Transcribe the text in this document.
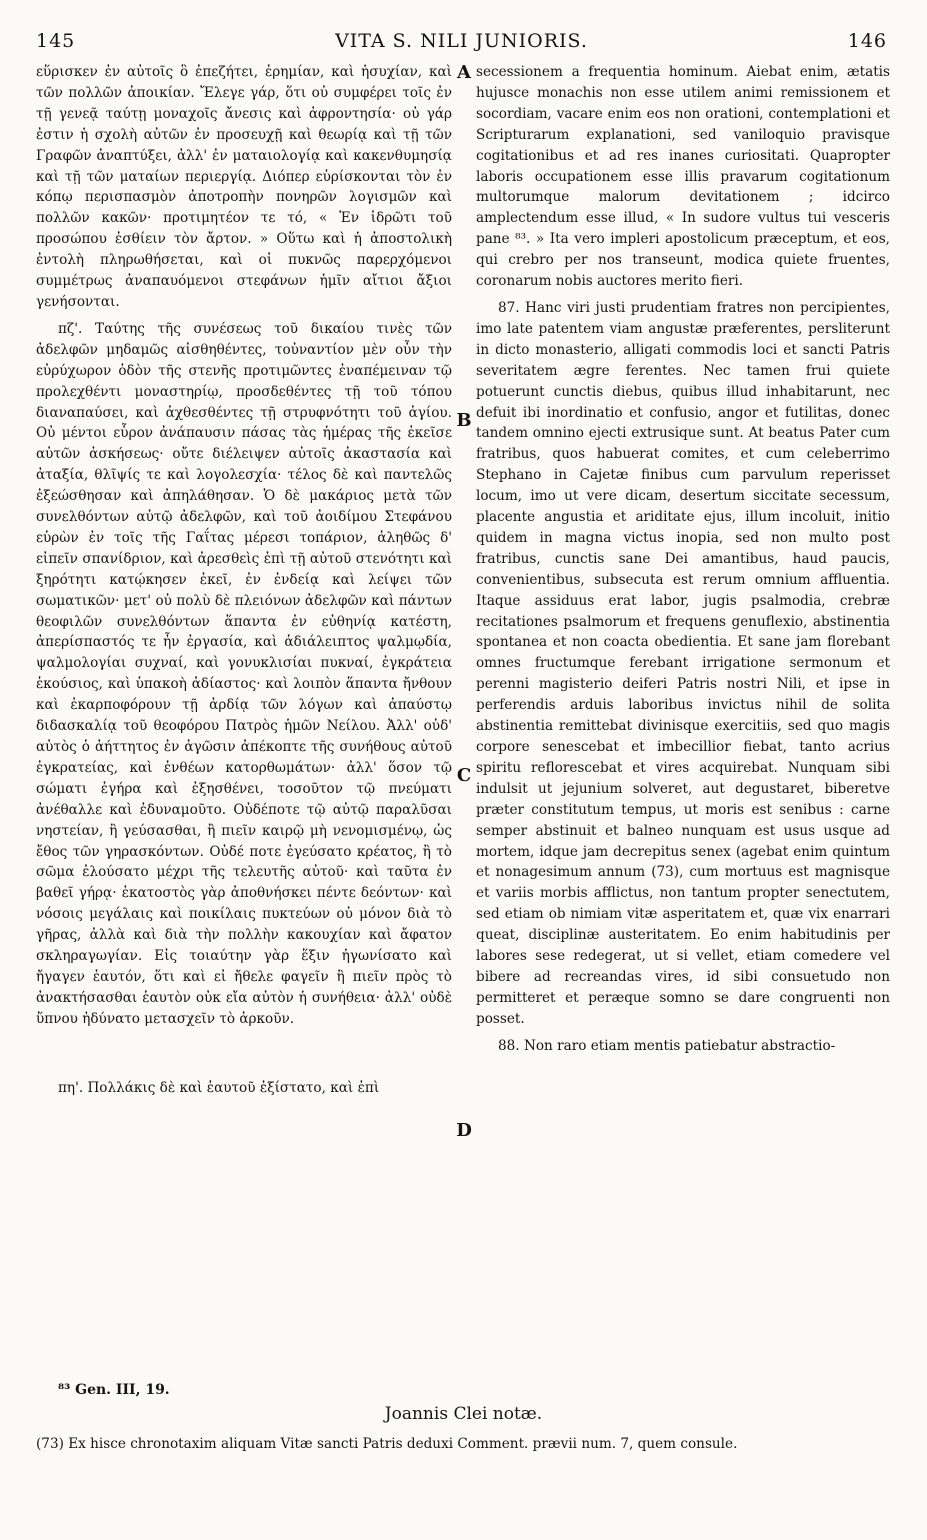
145	VITA S. NILI JUNIORIS.	146

εὕρισκεν ἐν αὐτοῖς ὃ ἐπεζήτει, ἐρημίαν, καὶ ἡσυχίαν, καὶ τῶν πολλῶν ἀποικίαν. Ἔλεγε γάρ, ὅτι οὐ συμφέρει τοῖς ἐν τῇ γενεᾷ ταύτῃ μοναχοῖς ἄνεσις καὶ ἀφροντησία· οὐ γάρ ἐστιν ἡ σχολὴ αὐτῶν ἐν προσευχῇ καὶ θεωρίᾳ καὶ τῇ τῶν Γραφῶν ἀναπτύξει, ἀλλ' ἐν ματαιολογίᾳ καὶ κακενθυμησίᾳ καὶ τῇ τῶν ματαίων περιεργίᾳ. Διόπερ εὑρίσκονται τὸν ἐν κόπῳ περισπασμὸν ἀποτροπὴν πονηρῶν λογισμῶν καὶ πολλῶν κακῶν· προτιμητέον τε τό, « Ἐν ἱδρῶτι τοῦ προσώπου ἐσθίειν τὸν ἄρτον. » Οὕτω καὶ ἡ ἀποστολικὴ ἐντολὴ πληρωθήσεται, καὶ οἱ πυκνῶς παρερχόμενοι συμμέτρως ἀναπαυόμενοι στεφάνων ἡμῖν αἴτιοι ἄξιοι γενήσονται.

πζ'. Ταύτης τῆς συνέσεως τοῦ δικαίου τινὲς τῶν ἀδελφῶν μηδαμῶς αἰσθηθέντες, τοὐναντίον μὲν οὖν τὴν εὐρύχωρον ὁδὸν τῆς στενῆς προτιμῶντες ἐναπέμειναν τῷ προλεχθέντι μοναστηρίῳ, προσδεθέντες τῇ τοῦ τόπου διαναπαύσει, καὶ ἀχθεσθέντες τῇ στρυφνότητι τοῦ ἁγίου. Οὐ μέντοι εὗρον ἀνάπαυσιν πάσας τὰς ἡμέρας τῆς ἐκεῖσε αὐτῶν ἀσκήσεως· οὔτε διέλειψεν αὐτοῖς ἀκαστασία καὶ ἀταξία, θλῖψίς τε καὶ λογολεσχία· τέλος δὲ καὶ παντελῶς ἐξεώσθησαν καὶ ἀπηλάθησαν. Ὁ δὲ μακάριος μετὰ τῶν συνελθόντων αὐτῷ ἀδελφῶν, καὶ τοῦ ἀοιδίμου Στεφάνου εὑρὼν ἐν τοῖς τῆς Γαΐτας μέρεσι τοπάριον, ἀληθῶς δ' εἰπεῖν σπανίδριον, καὶ ἀρεσθεὶς ἐπὶ τῇ αὐτοῦ στενότητι καὶ ξηρότητι κατῴκησεν ἐκεῖ, ἐν ἐνδείᾳ καὶ λείψει τῶν σωματικῶν· μετ' οὐ πολὺ δὲ πλειόνων ἀδελφῶν καὶ πάντων θεοφιλῶν συνελθόντων ἅπαντα ἐν εὐθηνίᾳ κατέστη, ἀπερίσπαστός τε ἦν ἐργασία, καὶ ἀδιάλειπτος ψαλμῳδία, ψαλμολογίαι συχναί, καὶ γονυκλισίαι πυκναί, ἐγκράτεια ἑκούσιος, καὶ ὑπακοὴ ἀδίαστος· καὶ λοιπὸν ἅπαντα ἤνθουν καὶ ἐκαρποφόρουν τῇ ἀρδίᾳ τῶν λόγων καὶ ἀπαύστῳ διδασκαλίᾳ τοῦ θεοφόρου Πατρὸς ἡμῶν Νείλου. Ἀλλ' οὐδ' αὐτὸς ὁ ἀήττητος ἐν ἀγῶσιν ἀπέκοπτε τῆς συνήθους αὐτοῦ ἐγκρατείας, καὶ ἐνθέων κατορθωμάτων· ἀλλ' ὅσον τῷ σώματι ἐγήρα καὶ ἐξησθένει, τοσοῦτον τῷ πνεύματι ἀνέθαλλε καὶ ἐδυναμοῦτο. Οὐδέποτε τῷ αὐτῷ παραλῦσαι νηστείαν, ἢ γεύσασθαι, ἢ πιεῖν καιρῷ μὴ νενομισμένῳ, ὡς ἔθος τῶν γηρασκόντων. Οὐδέ ποτε ἐγεύσατο κρέατος, ἢ τὸ σῶμα ἐλούσατο μέχρι τῆς τελευτῆς αὐτοῦ· καὶ ταῦτα ἐν βαθεῖ γήρᾳ· ἑκατοστὸς γὰρ ἀποθνήσκει πέντε δεόντων· καὶ νόσοις μεγάλαις καὶ ποικίλαις πυκτεύων οὐ μόνον διὰ τὸ γῆρας, ἀλλὰ καὶ διὰ τὴν πολλὴν κακουχίαν καὶ ἄφατον σκληραγωγίαν. Εἰς τοιαύτην γὰρ ἕξιν ἠγωνίσατο καὶ ἤγαγεν ἑαυτόν, ὅτι καὶ εἰ ἤθελε φαγεῖν ἢ πιεῖν πρὸς τὸ ἀνακτήσασθαι ἑαυτὸν οὐκ εἴα αὐτὸν ἡ συνήθεια· ἀλλ' οὐδὲ ὕπνου ἠδύνατο μετασχεῖν τὸ ἀρκοῦν.

πη'. Πολλάκις δὲ καὶ ἑαυτοῦ ἐξίστατο, καὶ ἐπὶ

secessionem a frequentia hominum. Aiebat enim, ætatis hujusce monachis non esse utilem animi remissionem et socordiam, vacare enim eos non orationi, contemplationi et Scripturarum explanationi, sed vaniloquio pravisque cogitationibus et ad res inanes curiositati. Quapropter laboris occupationem esse illis pravarum cogitationum multorumque malorum devitationem ; idcirco amplectendum esse illud, « In sudore vultus tui vesceris pane ⁸³. » Ita vero impleri apostolicum præceptum, et eos, qui crebro per nos transeunt, modica quiete fruentes, coronarum nobis auctores merito fieri.

87. Hanc viri justi prudentiam fratres non percipientes, imo late patentem viam angustæ præferentes, persliterunt in dicto monasterio, alligati commodis loci et sancti Patris severitatem ægre ferentes. Nec tamen frui quiete potuerunt cunctis diebus, quibus illud inhabitarunt, nec defuit ibi inordinatio et confusio, angor et futilitas, donec tandem omnino ejecti extrusique sunt. At beatus Pater cum fratribus, quos habuerat comites, et cum celeberrimo Stephano in Cajetæ finibus cum parvulum reperisset locum, imo ut vere dicam, desertum siccitate secessum, placente angustia et ariditate ejus, illum incoluit, initio quidem in magna victus inopia, sed non multo post fratribus, cunctis sane Dei amantibus, haud paucis, convenientibus, subsecuta est rerum omnium affluentia. Itaque assiduus erat labor, jugis psalmodia, crebræ recitationes psalmorum et frequens genuflexio, abstinentia spontanea et non coacta obedientia. Et sane jam florebant omnes fructumque ferebant irrigatione sermonum et perenni magisterio deiferi Patris nostri Nili, et ipse in perferendis arduis laboribus invictus nihil de solita abstinentia remittebat divinisque exercitiis, sed quo magis corpore senescebat et imbecillior fiebat, tanto acrius spiritu reflorescebat et vires acquirebat. Nunquam sibi indulsit ut jejunium solveret, aut degustaret, biberetve præter constitutum tempus, ut moris est senibus : carne semper abstinuit et balneo nunquam est usus usque ad mortem, idque jam decrepitus senex (agebat enim quintum et nonagesimum annum (73), cum mortuus est magnisque et variis morbis afflictus, non tantum propter senectutem, sed etiam ob nimiam vitæ asperitatem et, quæ vix enarrari queat, disciplinæ austeritatem. Eo enim habitudinis per labores sese redegerat, ut si vellet, etiam comedere vel bibere ad recreandas vires, id sibi consuetudo non permitteret et peræque somno se dare congruenti non posset.

88. Non raro etiam mentis patiebatur abstractio-

A
B
C
D
⁸³ Gen. III, 19.
Joannis Clei notæ.
(73) Ex hisce chronotaxim aliquam Vitæ sancti Patris deduxi Comment. prævii num. 7, quem consule.
